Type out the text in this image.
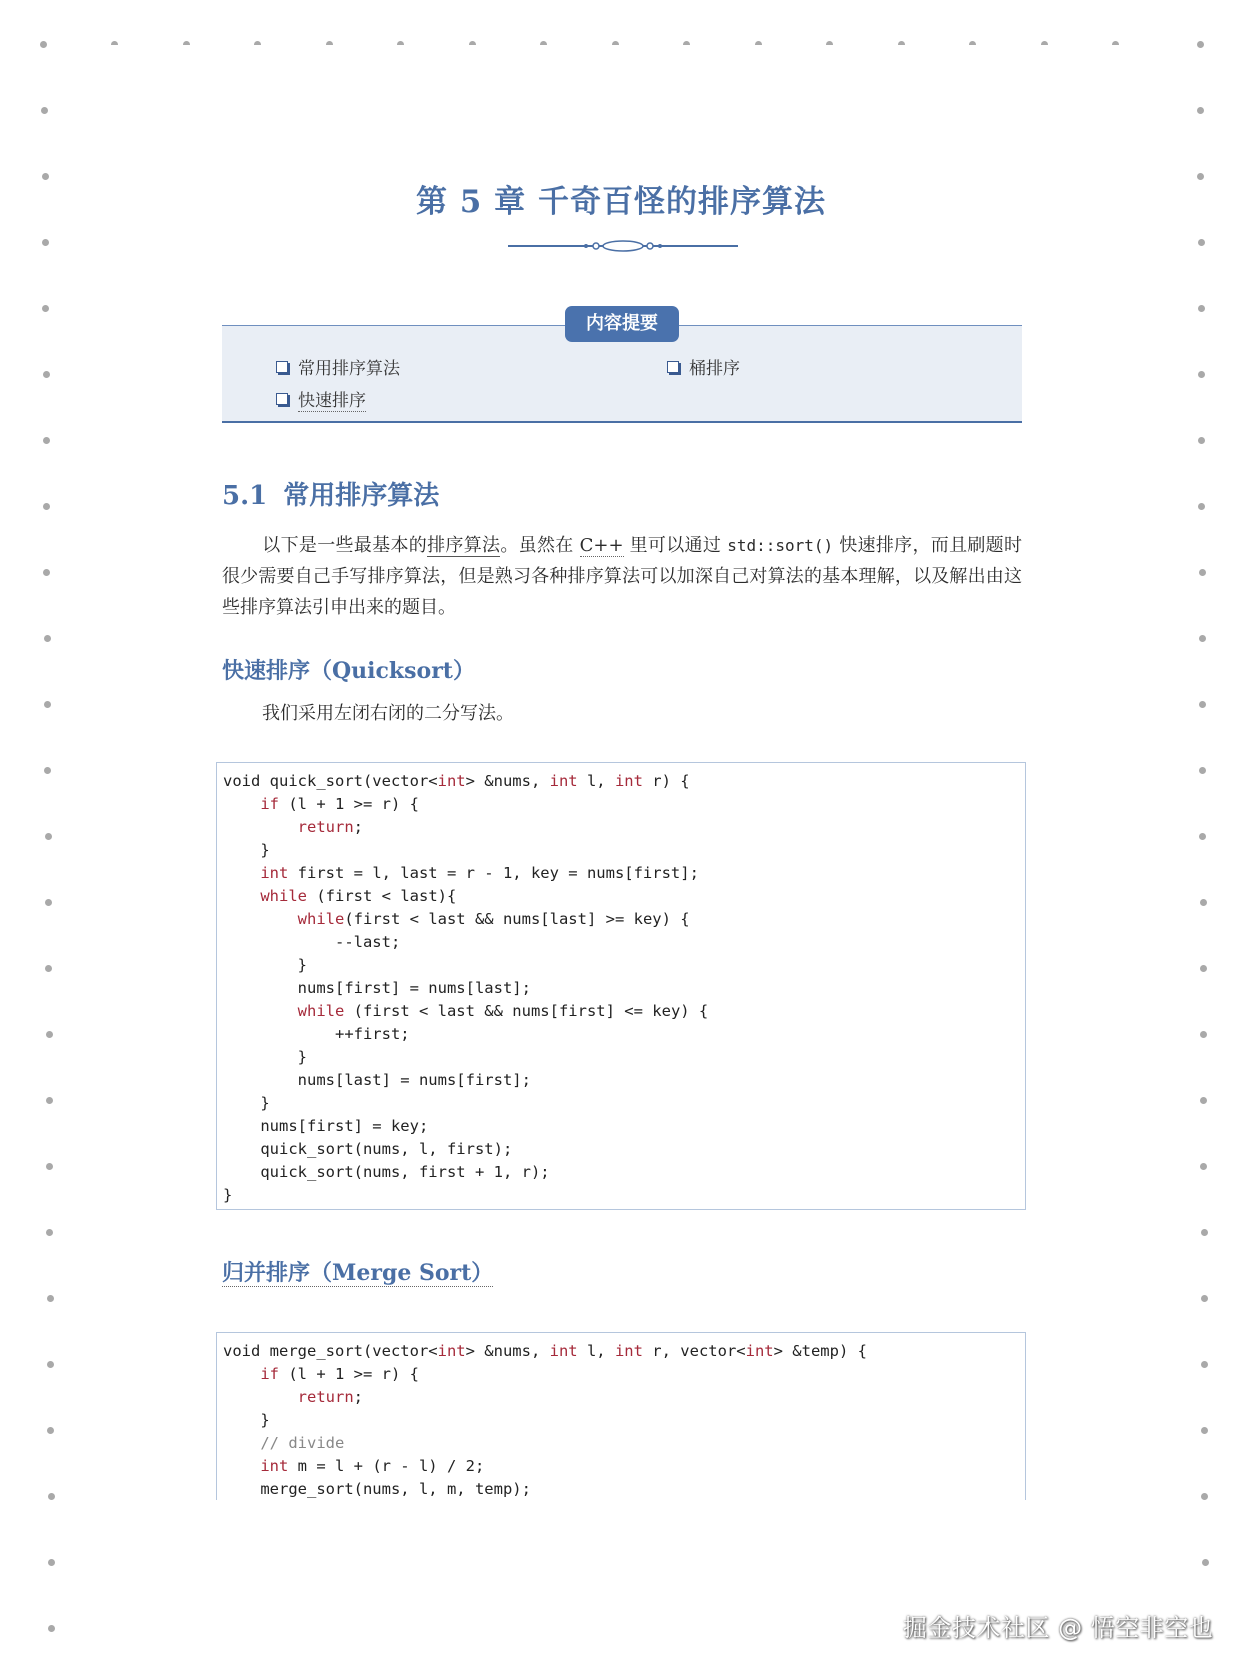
第 5 章 千奇百怪的排序算法
内容提要
常用排序算法	桶排序
快速排序
5.1 常用排序算法
以下是一些最基本的排序算法。虽然在 C++ 里可以通过 std::sort() 快速排序，而且刷题时很少需要自己手写排序算法，但是熟习各种排序算法可以加深自己对算法的基本理解，以及解出由这些排序算法引申出来的题目。
快速排序（Quicksort）
我们采用左闭右闭的二分写法。
void quick_sort(vector<int> &nums, int l, int r) {
if (l + 1 >= r) {
return;
}
int first = l, last = r - 1, key = nums[first];
while (first < last){
while(first < last && nums[last] >= key) {
--last;
}
nums[first] = nums[last];
while (first < last && nums[first] <= key) {
++first;
}
nums[last] = nums[first];
}
nums[first] = key;
quick_sort(nums, l, first);
quick_sort(nums, first + 1, r);
}
归并排序（Merge Sort）
void merge_sort(vector<int> &nums, int l, int r, vector<int> &temp) {
if (l + 1 >= r) {
return;
}
// divide
int m = l + (r - l) / 2;
merge_sort(nums, l, m, temp);
掘金技术社区 @ 悟空非空也
